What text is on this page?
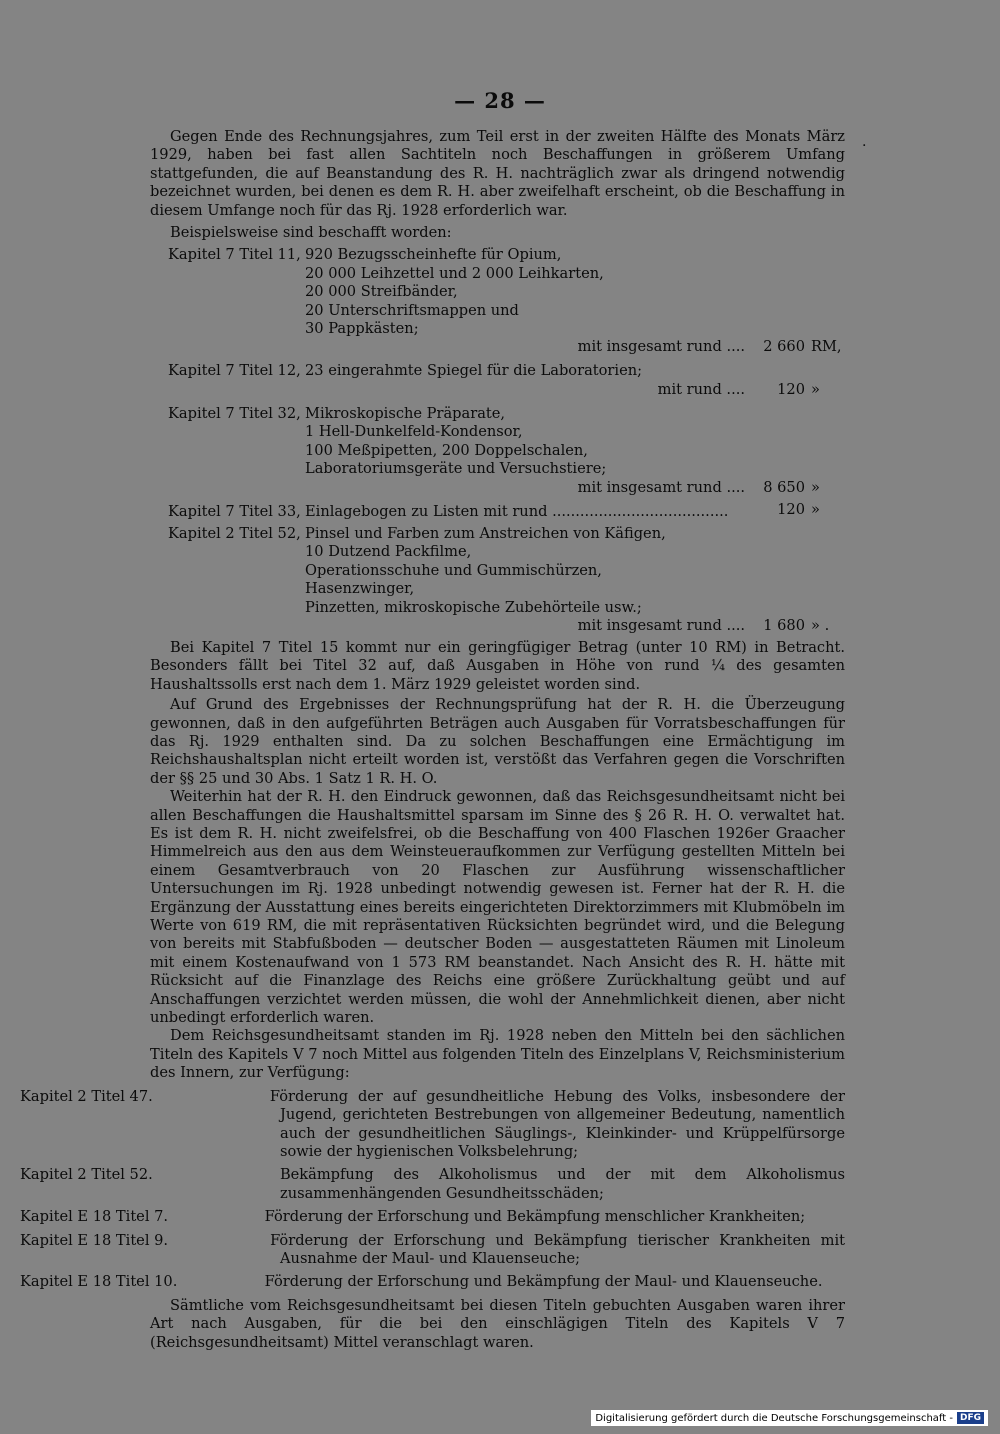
— 28 —
.

Gegen Ende des Rechnungsjahres, zum Teil erst in der zweiten Hälfte des Monats März 1929, haben bei fast allen Sachtiteln noch Beschaffungen in größerem Umfang stattgefunden, die auf Beanstandung des R. H. nachträglich zwar als dringend notwendig bezeichnet wurden, bei denen es dem R. H. aber zweifelhaft erscheint, ob die Beschaffung in diesem Umfange noch für das Rj. 1928 erforderlich war.

Beispielsweise sind beschafft worden:

Kapitel 7 Titel 11, 920 Bezugsscheinhefte für Opium,
20 000 Leihzettel und 2 000 Leihkarten,
20 000 Streifbänder,
20 Unterschriftsmappen und
30 Pappkästen;
mit insgesamt rund .... 2 660 RM,
Kapitel 7 Titel 12, 23 eingerahmte Spiegel für die Laboratorien;
mit rund .... 120 »
Kapitel 7 Titel 32, Mikroskopische Präparate,
1 Hell-Dunkelfeld-Kondensor,
100 Meßpipetten, 200 Doppelschalen,
Laboratoriumsgeräte und Versuchstiere;
mit insgesamt rund .... 8 650 »
Kapitel 7 Titel 33, Einlagebogen zu Listen mit rund ......................................	120 »
Kapitel 2 Titel 52, Pinsel und Farben zum Anstreichen von Käfigen,
10 Dutzend Packfilme,
Operationsschuhe und Gummischürzen,
Hasenzwinger,
Pinzetten, mikroskopische Zubehörteile usw.;
mit insgesamt rund .... 1 680 » .

Bei Kapitel 7 Titel 15 kommt nur ein geringfügiger Betrag (unter 10 RM) in Betracht. Besonders fällt bei Titel 32 auf, daß Ausgaben in Höhe von rund ¼ des gesamten Haushaltssolls erst nach dem 1. März 1929 geleistet worden sind.

Auf Grund des Ergebnisses der Rechnungsprüfung hat der R. H. die Überzeugung gewonnen, daß in den aufgeführten Beträgen auch Ausgaben für Vorratsbeschaffungen für das Rj. 1929 enthalten sind. Da zu solchen Beschaffungen eine Ermächtigung im Reichshaushaltsplan nicht erteilt worden ist, verstößt das Verfahren gegen die Vorschriften der §§ 25 und 30 Abs. 1 Satz 1 R. H. O.

Weiterhin hat der R. H. den Eindruck gewonnen, daß das Reichsgesundheitsamt nicht bei allen Beschaffungen die Haushaltsmittel sparsam im Sinne des § 26 R. H. O. verwaltet hat. Es ist dem R. H. nicht zweifelsfrei, ob die Beschaffung von 400 Flaschen 1926er Graacher Himmelreich aus den aus dem Weinsteueraufkommen zur Verfügung gestellten Mitteln bei einem Gesamtverbrauch von 20 Flaschen zur Ausführung wissenschaftlicher Untersuchungen im Rj. 1928 unbedingt notwendig gewesen ist. Ferner hat der R. H. die Ergänzung der Ausstattung eines bereits eingerichteten Direktorzimmers mit Klubmöbeln im Werte von 619 RM, die mit repräsentativen Rücksichten begründet wird, und die Belegung von bereits mit Stabfußboden — deutscher Boden — ausgestatteten Räumen mit Linoleum mit einem Kostenaufwand von 1 573 RM beanstandet. Nach Ansicht des R. H. hätte mit Rücksicht auf die Finanzlage des Reichs eine größere Zurückhaltung geübt und auf Anschaffungen verzichtet werden müssen, die wohl der Annehmlichkeit dienen, aber nicht unbedingt erforderlich waren.

Dem Reichsgesundheitsamt standen im Rj. 1928 neben den Mitteln bei den sächlichen Titeln des Kapitels V 7 noch Mittel aus folgenden Titeln des Einzelplans V, Reichsministerium des Innern, zur Verfügung:

Kapitel 2 Titel 47.	Förderung der auf gesundheitliche Hebung des Volks, insbesondere der Jugend, gerichteten Bestrebungen von allgemeiner Bedeutung, namentlich auch der gesundheitlichen Säuglings-, Kleinkinder- und Krüppelfürsorge sowie der hygienischen Volksbelehrung;
Kapitel 2 Titel 52.	Bekämpfung des Alkoholismus und der mit dem Alkoholismus zusammenhängenden Gesundheitsschäden;
Kapitel E 18 Titel 7.	Förderung der Erforschung und Bekämpfung menschlicher Krankheiten;
Kapitel E 18 Titel 9.	Förderung der Erforschung und Bekämpfung tierischer Krankheiten mit Ausnahme der Maul- und Klauenseuche;
Kapitel E 18 Titel 10.	Förderung der Erforschung und Bekämpfung der Maul- und Klauenseuche.

Sämtliche vom Reichsgesundheitsamt bei diesen Titeln gebuchten Ausgaben waren ihrer Art nach Ausgaben, für die bei den einschlägigen Titeln des Kapitels V 7 (Reichsgesundheitsamt) Mittel veranschlagt waren.

Digitalisierung gefördert durch die Deutsche Forschungsgemeinschaft - DFG
